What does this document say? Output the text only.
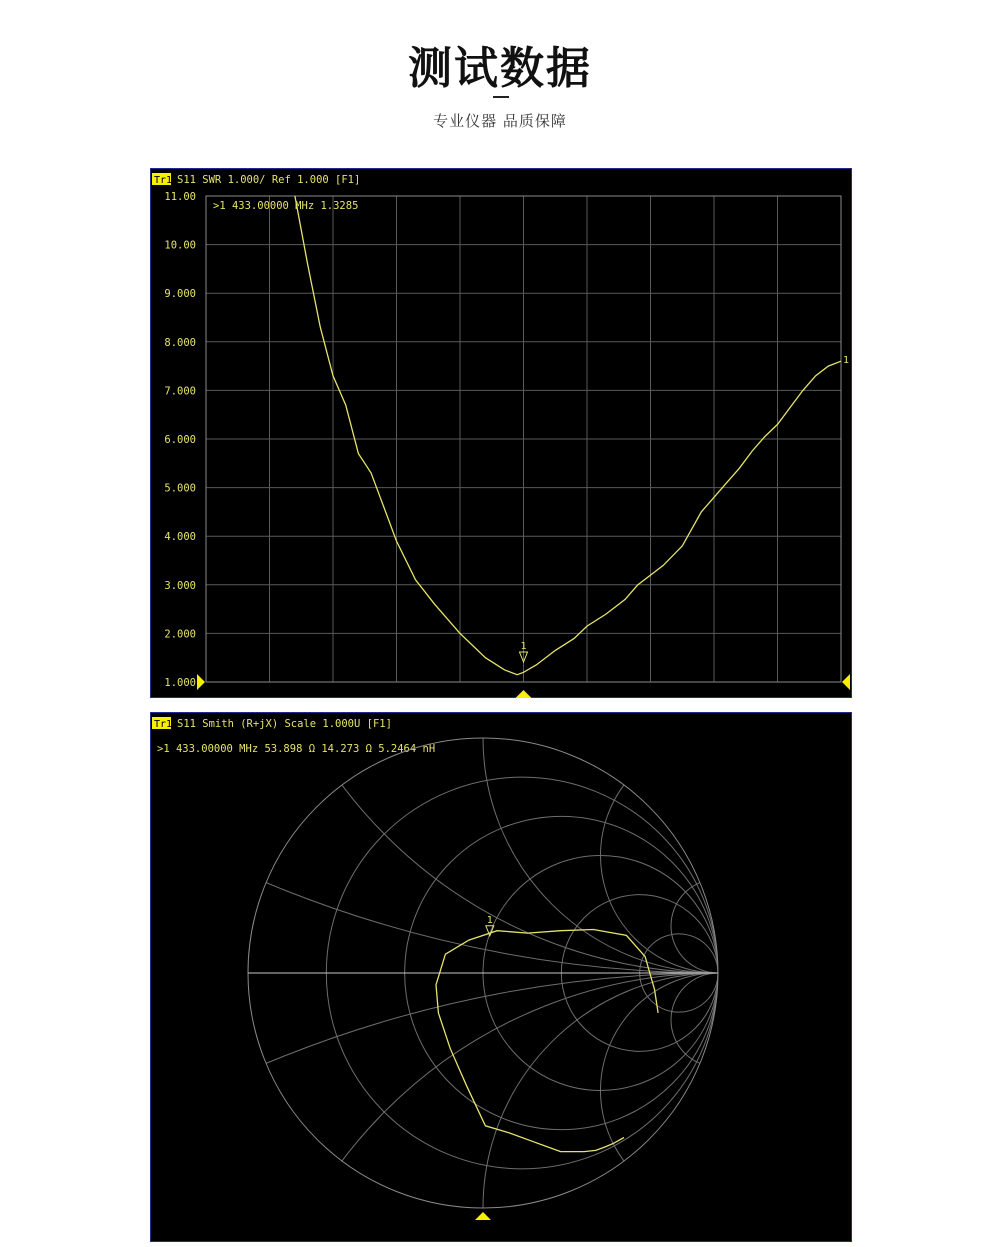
测试数据
专业仪器 品质保障
Tr1 S11 SWR 1.000/ Ref 1.000 [F1]
>1 433.00000 MHz 1.3285
11.00
10.00
9.000
8.000
7.000
6.000
5.000
4.000
3.000
2.000
1.000
1
1
Tr1 S11 Smith (R+jX) Scale 1.000U [F1]
>1 433.00000 MHz 53.898 Ω 14.273 Ω 5.2464 nH
1
